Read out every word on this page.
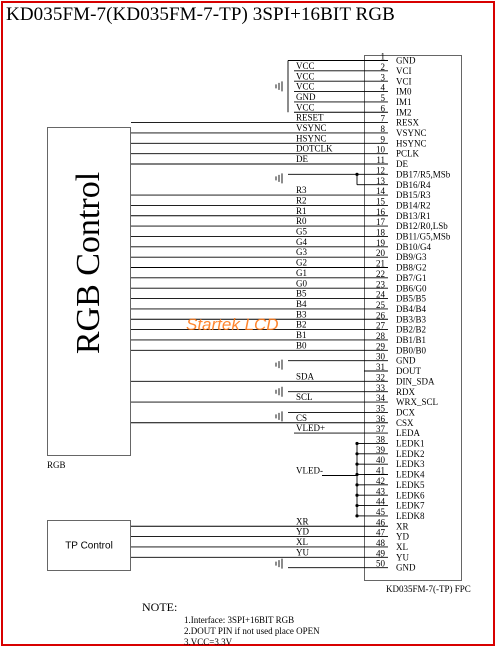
KD035FM-7(KD035FM-7-TP) 3SPI+16BIT RGB
RGB Control
RGB
TP Control
KD035FM-7(-TP) FPC
1 GND
2 VCI
VCC
3 VCI
VCC
4 IM0
VCC
5 IM1
GND
6 IM2
VCC
7 RESX
RESET
8 VSYNC
VSYNC
9 HSYNC
HSYNC
10 PCLK
DOTCLK
11 DE
DE
12 DB17/R5,MSb
13 DB16/R4
14 DB15/R3
R3
15 DB14/R2
R2
16 DB13/R1
R1
17 DB12/R0,LSb
R0
18 DB11/G5,MSb
G5
19 DB10/G4
G4
20 DB9/G3
G3
21 DB8/G2
G2
22 DB7/G1
G1
23 DB6/G0
G0
24 DB5/B5
B5
25 DB4/B4
B4
26 DB3/B3
B3
27 DB2/B2
B2
28 DB1/B1
B1
29 DB0/B0
B0
30 GND
31 DOUT
32 DIN_SDA
SDA
33 RDX
34 WRX_SCL
SCL
35 DCX
36 CSX
CS
37 LEDA
VLED+
38 LEDK1
39 LEDK2
40 LEDK3
41 LEDK4
42 LEDK5
43 LEDK6
44 LEDK7
45 LEDK8
46 XR
XR
47 YD
YD
48 XL
XL
49 YU
YU
50 GND
VLED-
Startek LCD
NOTE:
1.Interface: 3SPI+16BIT RGB
2.DOUT PIN if not used place OPEN
3.VCC=3.3V
